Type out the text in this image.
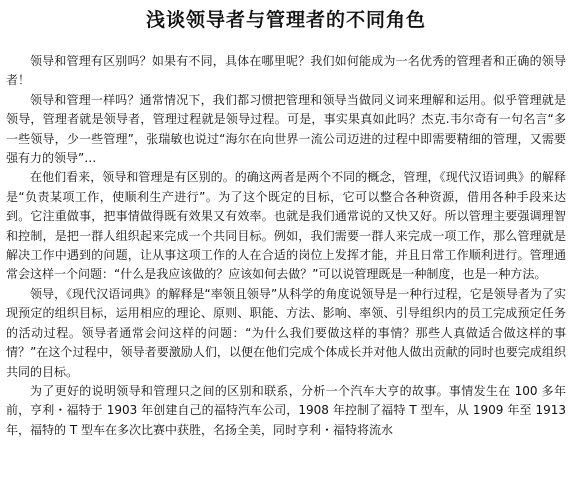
浅谈领导者与管理者的不同角色

领导和管理有区别吗？如果有不同，具体在哪里呢？我们如何能成为一名优秀的管理者和正确的领导者！

领导和管理一样吗？通常情况下，我们都习惯把管理和领导当做同义词来理解和运用。似乎管理就是领导，管理者就是领导者，管理过程就是领导过程。可是，事实果真如此吗？杰克.韦尔奇有一句名言“多一些领导，少一些管理”，张瑞敏也说过“海尔在向世界一流公司迈进的过程中即需要精细的管理，又需要强有力的领导”…

在他们看来，领导和管理是有区别的。的确这两者是两个不同的概念，管理，《现代汉语词典》的解释是“负责某项工作，使顺利生产进行”。为了这个既定的目标，它可以整合各种资源，借用各种手段来达到。它注重做事，把事情做得既有效果又有效率。也就是我们通常说的又快又好。所以管理主要强调理智和控制，是把一群人组织起来完成一个共同目标。例如，我们需要一群人来完成一项工作，那么管理就是解决工作中遇到的问题，让从事这项工作的人在合适的岗位上发挥才能，并且日常工作顺利进行。管理通常会这样一个问题：“什么是我应该做的？应该如何去做？”可以说管理既是一种制度，也是一种方法。

领导，《现代汉语词典》的解释是“率领且领导”从科学的角度说领导是一种行过程，它是领导者为了实现预定的组织目标，运用相应的理论、原则、职能、方法、影响、率领、引导组织内的员工完成预定任务的活动过程。领导者通常会问这样的问题：“为什么我们要做这样的事情？那些人真做适合做这样的事情？”在这个过程中，领导者要激励人们，以便在他们完成个体成长并对他人做出贡献的同时也要完成组织共同的目标。

为了更好的说明领导和管理只之间的区别和联系，分析一个汽车大亨的故事。事情发生在 100 多年前，亨利・福特于 1903 年创建自己的福特汽车公司，1908 年控制了福特 T 型车，从 1909 年至 1913 年，福特的 T 型车在多次比赛中获胜，名扬全美，同时亨利・福特将流水
